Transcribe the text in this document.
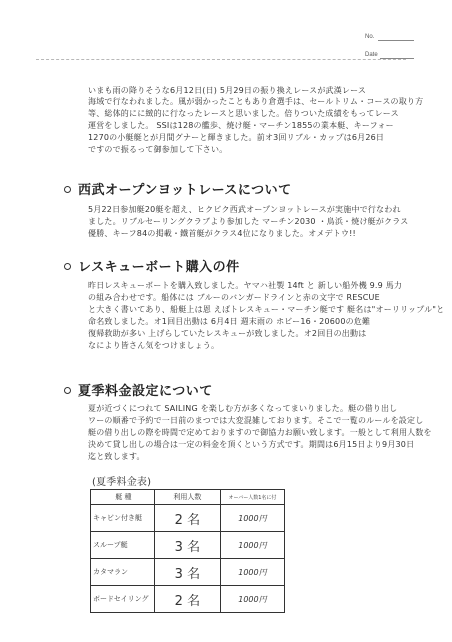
No.
Date
いまも雨の降りそうな6月12日(日) 5月29日の振り換えレースが武漢レース
海域で行なわれました。風が弱かったこともあり倉選手は、セールトリム・コースの取り方
等、総体的にに緻的に行なったレースと思いました。倍りついた成績をもってレース
運営をしました。 SSIは128の艦歩、焼け艇・マーチン1855の業本艇、キーフォー
1270の小艇艇とが月間グナーと輝きました。前オ3回リブル・カップは6月26日
ですので振るって御参加して下さい。
西武オープンヨットレースについて
5月22日参加艇20艇を超え、ヒクビク西武オープンヨットレースが実施中で行なわれ
ました。リブルセーリングクラブより参加した マーチン2030 ・鳥浜・焼け艇がクラス
優勝、キーフ84の掲載・鐵首艇がクラス4位になりました。オメデトウ!!
レスキューボート購入の件
昨日レスキューボートを購入致しました。ヤマハ社製 14ft と 新しい船外機 9.9 馬力
の組み合わせです。船体には ブルーのバンガードラインと赤の文字で RESCUE
と大きく書いてあり、船艇上は恩 えばトレスキュー・マーチン艇です 艇名は"オーリリップル"と
命名致しました。オ1回目出動は 6月4日 週末雨の ホビー16・20600の危難
復帰救助が多い 上げらしていたレスキューが致しました。オ2回目の出動は
なにより皆さん気をつけましょう。
夏季料金設定について
夏が近づくにつれて SAILING を楽しむ方が多くなってまいりました。艇の借り出し
ワーの順番で予約で一日前のまつでは大変混雑しております。そこで一覧のルールを設定し
艇の借り出しの際を時間で定めておりますので御協力お願い致します。一般として利用人数を
決めて貸し出しの場合は一定の料金を頂くという方式です。期間は6月15日より9月30日
迄と致します。
(夏季料金表)
艇 種	利用人数	オーバー人数1名に付
キャビン付き艇	2 名	1000円
スループ艇	3 名	1000円
カタマラン	3 名	1000円
ボードセイリング	2 名	1000円
